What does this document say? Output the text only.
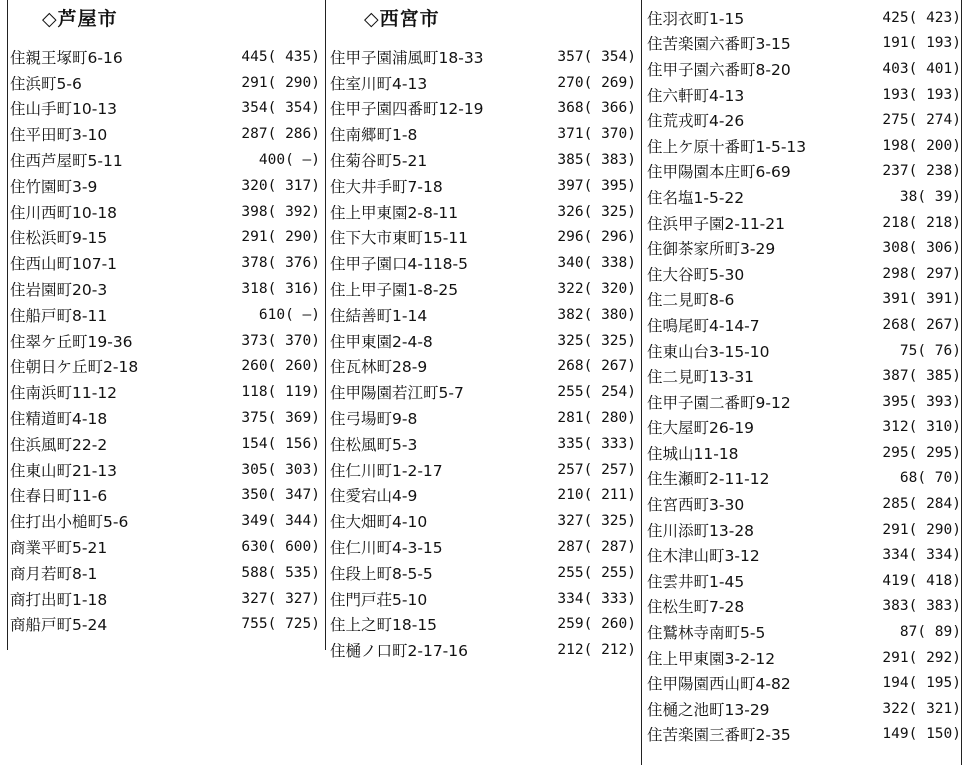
◇芦屋市
住親王塚町6-16	445( 435)
住浜町5-6	291( 290)
住山手町10-13	354( 354)
住平田町3-10	287( 286)
住西芦屋町5-11	400( ―)
住竹園町3-9	320( 317)
住川西町10-18	398( 392)
住松浜町9-15	291( 290)
住西山町107-1	378( 376)
住岩園町20-3	318( 316)
住船戸町8-11	610( ―)
住翠ケ丘町19-36	373( 370)
住朝日ケ丘町2-18	260( 260)
住南浜町11-12	118( 119)
住精道町4-18	375( 369)
住浜風町22-2	154( 156)
住東山町21-13	305( 303)
住春日町11-6	350( 347)
住打出小槌町5-6	349( 344)
商業平町5-21	630( 600)
商月若町8-1	588( 535)
商打出町1-18	327( 327)
商船戸町5-24	755( 725)
◇西宮市
住甲子園浦風町18-33	357( 354)
住室川町4-13	270( 269)
住甲子園四番町12-19	368( 366)
住南郷町1-8	371( 370)
住菊谷町5-21	385( 383)
住大井手町7-18	397( 395)
住上甲東園2-8-11	326( 325)
住下大市東町15-11	296( 296)
住甲子園口4-118-5	340( 338)
住上甲子園1-8-25	322( 320)
住結善町1-14	382( 380)
住甲東園2-4-8	325( 325)
住瓦林町28-9	268( 267)
住甲陽園若江町5-7	255( 254)
住弓場町9-8	281( 280)
住松風町5-3	335( 333)
住仁川町1-2-17	257( 257)
住愛宕山4-9	210( 211)
住大畑町4-10	327( 325)
住仁川町4-3-15	287( 287)
住段上町8-5-5	255( 255)
住門戸荘5-10	334( 333)
住上之町18-15	259( 260)
住樋ノ口町2-17-16	212( 212)
住羽衣町1-15	425( 423)
住苦楽園六番町3-15	191( 193)
住甲子園六番町8-20	403( 401)
住六軒町4-13	193( 193)
住荒戎町4-26	275( 274)
住上ケ原十番町1-5-13	198( 200)
住甲陽園本庄町6-69	237( 238)
住名塩1-5-22	38( 39)
住浜甲子園2-11-21	218( 218)
住御茶家所町3-29	308( 306)
住大谷町5-30	298( 297)
住二見町8-6	391( 391)
住鳴尾町4-14-7	268( 267)
住東山台3-15-10	75( 76)
住二見町13-31	387( 385)
住甲子園二番町9-12	395( 393)
住大屋町26-19	312( 310)
住城山11-18	295( 295)
住生瀬町2-11-12	68( 70)
住宮西町3-30	285( 284)
住川添町13-28	291( 290)
住木津山町3-12	334( 334)
住雲井町1-45	419( 418)
住松生町7-28	383( 383)
住鷲林寺南町5-5	87( 89)
住上甲東園3-2-12	291( 292)
住甲陽園西山町4-82	194( 195)
住樋之池町13-29	322( 321)
住苦楽園三番町2-35	149( 150)
